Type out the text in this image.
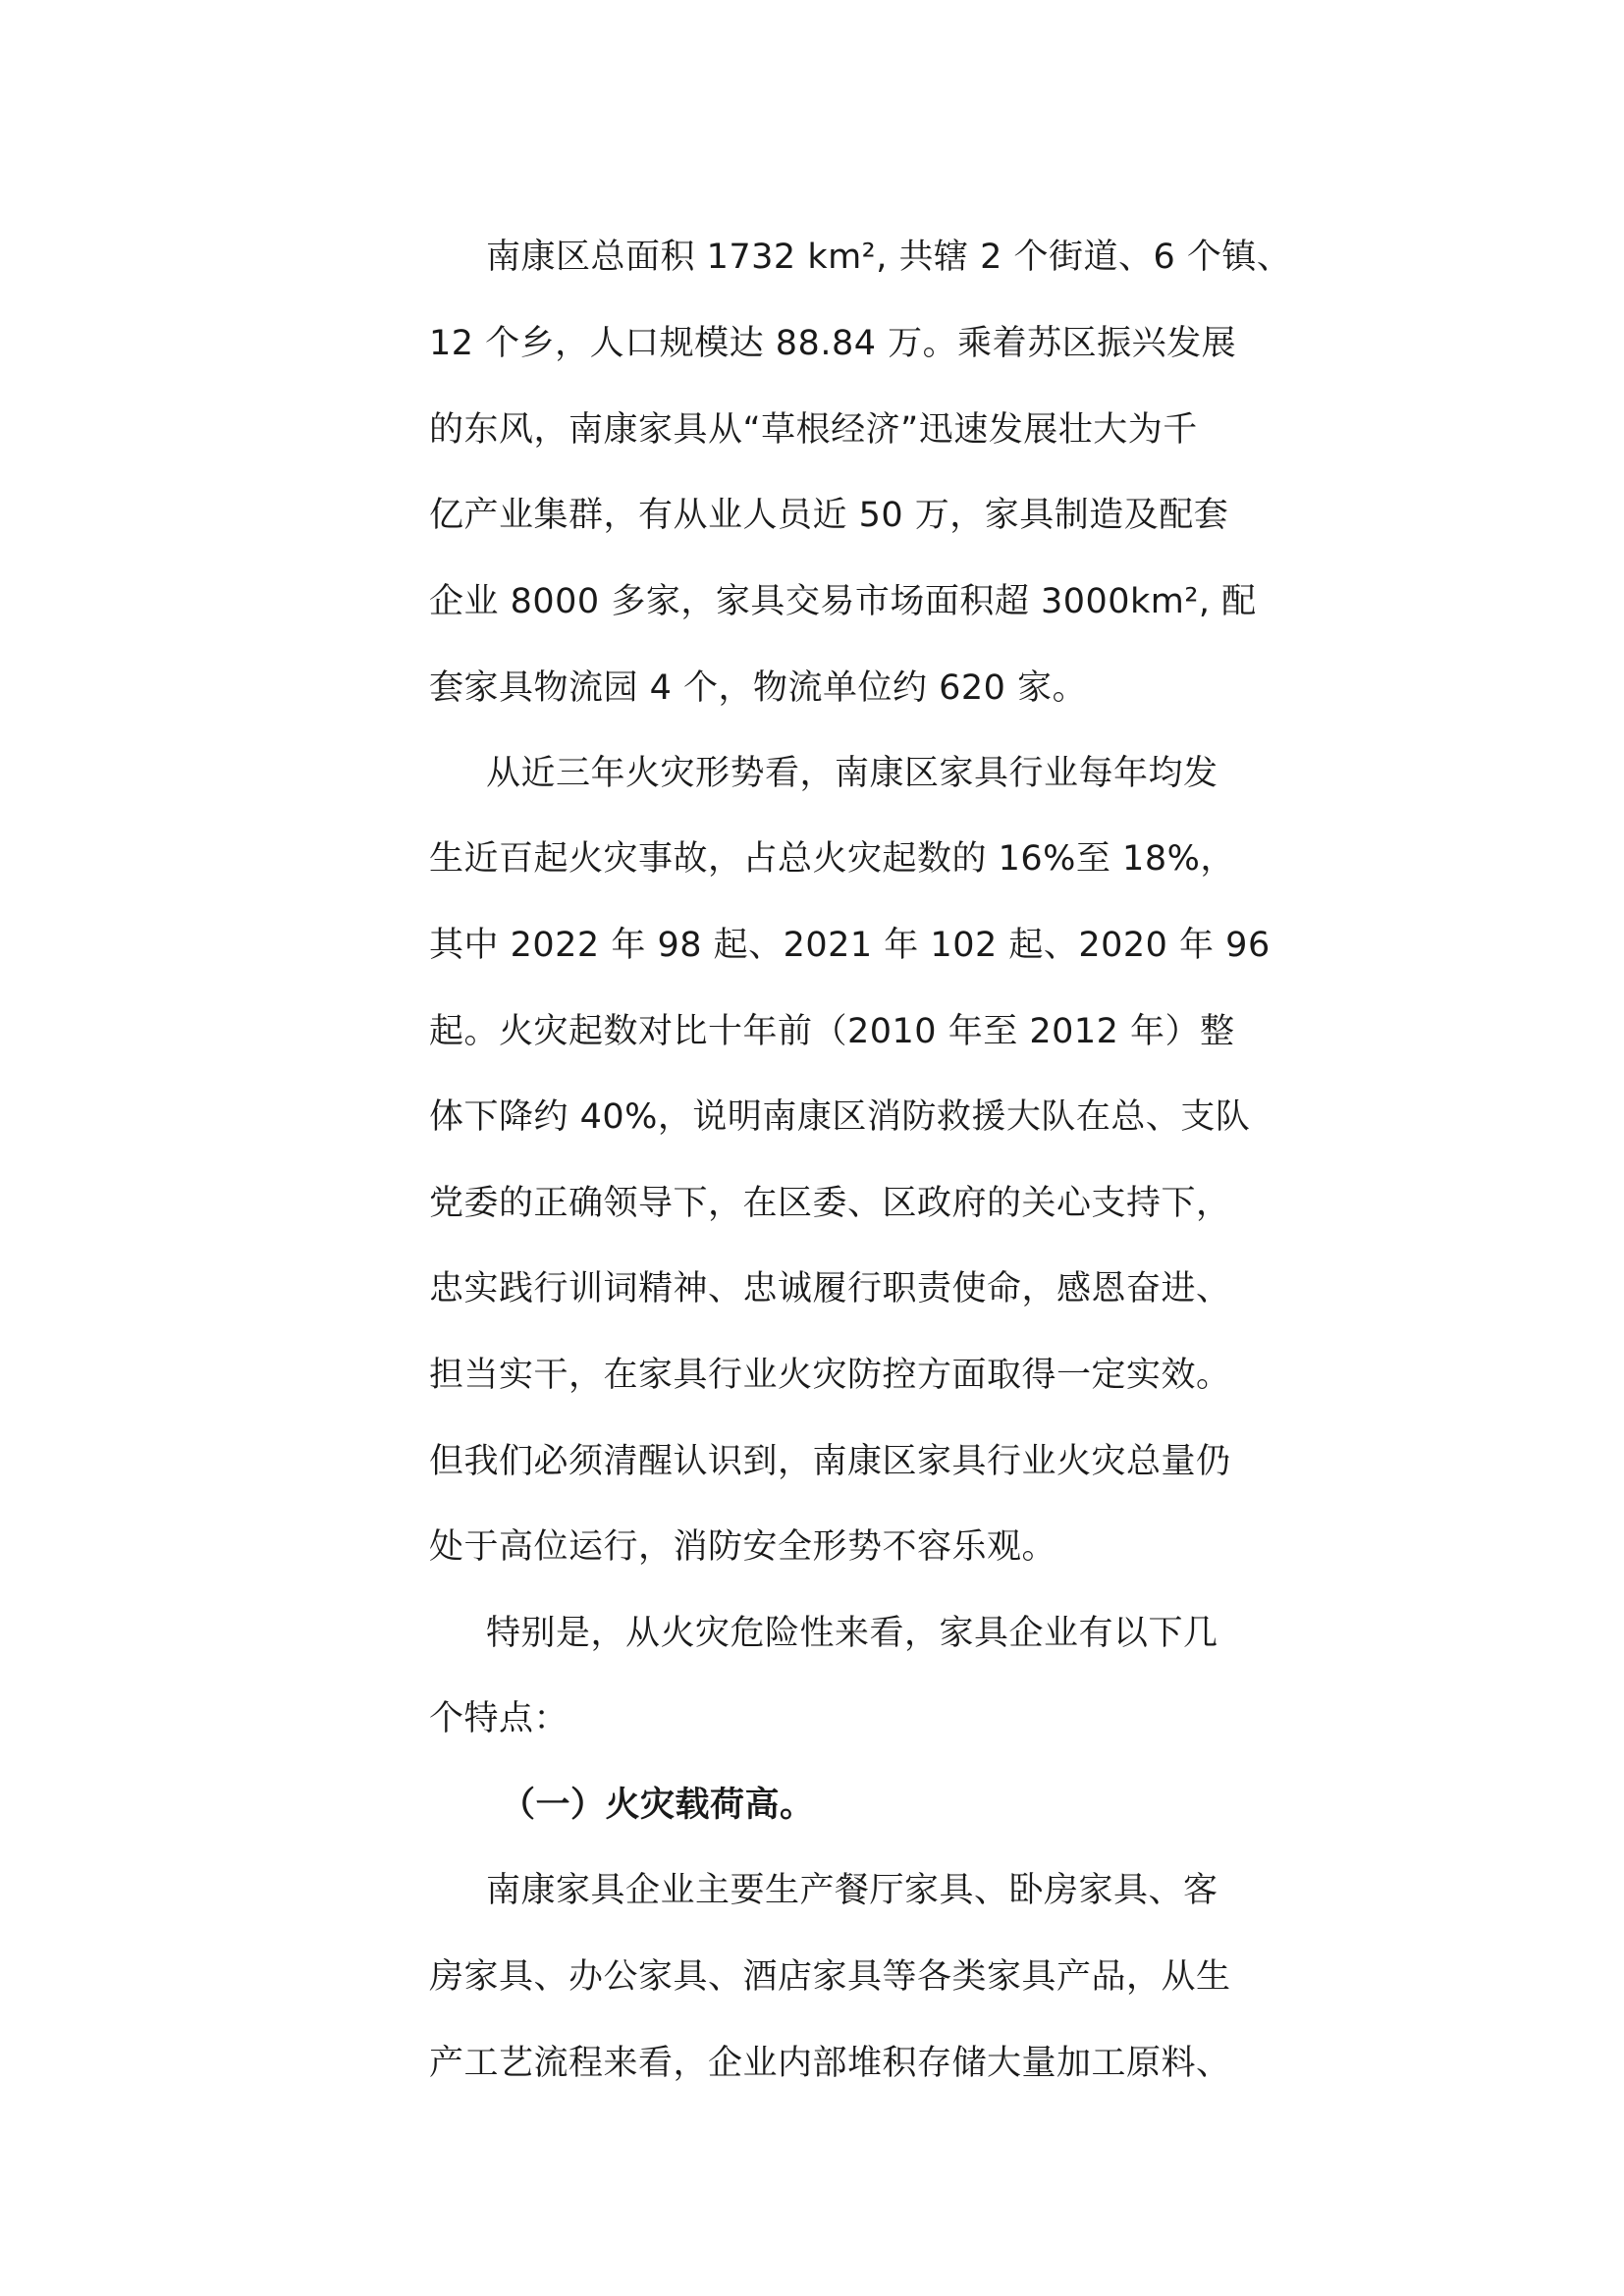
南康区总面积 1732 km², 共辖 2 个街道、6 个镇、
12 个乡，人口规模达 88.84 万。乘着苏区振兴发展
的东风，南康家具从“草根经济”迅速发展壮大为千
亿产业集群，有从业人员近 50 万，家具制造及配套
企业 8000 多家，家具交易市场面积超 3000km², 配
套家具物流园 4 个，物流单位约 620 家。
从近三年火灾形势看，南康区家具行业每年均发
生近百起火灾事故，占总火灾起数的 16%至 18%，
其中 2022 年 98 起、2021 年 102 起、2020 年 96
起。火灾起数对比十年前（2010 年至 2012 年）整
体下降约 40%，说明南康区消防救援大队在总、支队
党委的正确领导下，在区委、区政府的关心支持下，
忠实践行训词精神、忠诚履行职责使命，感恩奋进、
担当实干，在家具行业火灾防控方面取得一定实效。
但我们必须清醒认识到，南康区家具行业火灾总量仍
处于高位运行，消防安全形势不容乐观。
特别是，从火灾危险性来看，家具企业有以下几
个特点：
（一）火灾载荷高。
南康家具企业主要生产餐厅家具、卧房家具、客
房家具、办公家具、酒店家具等各类家具产品，从生
产工艺流程来看，企业内部堆积存储大量加工原料、
